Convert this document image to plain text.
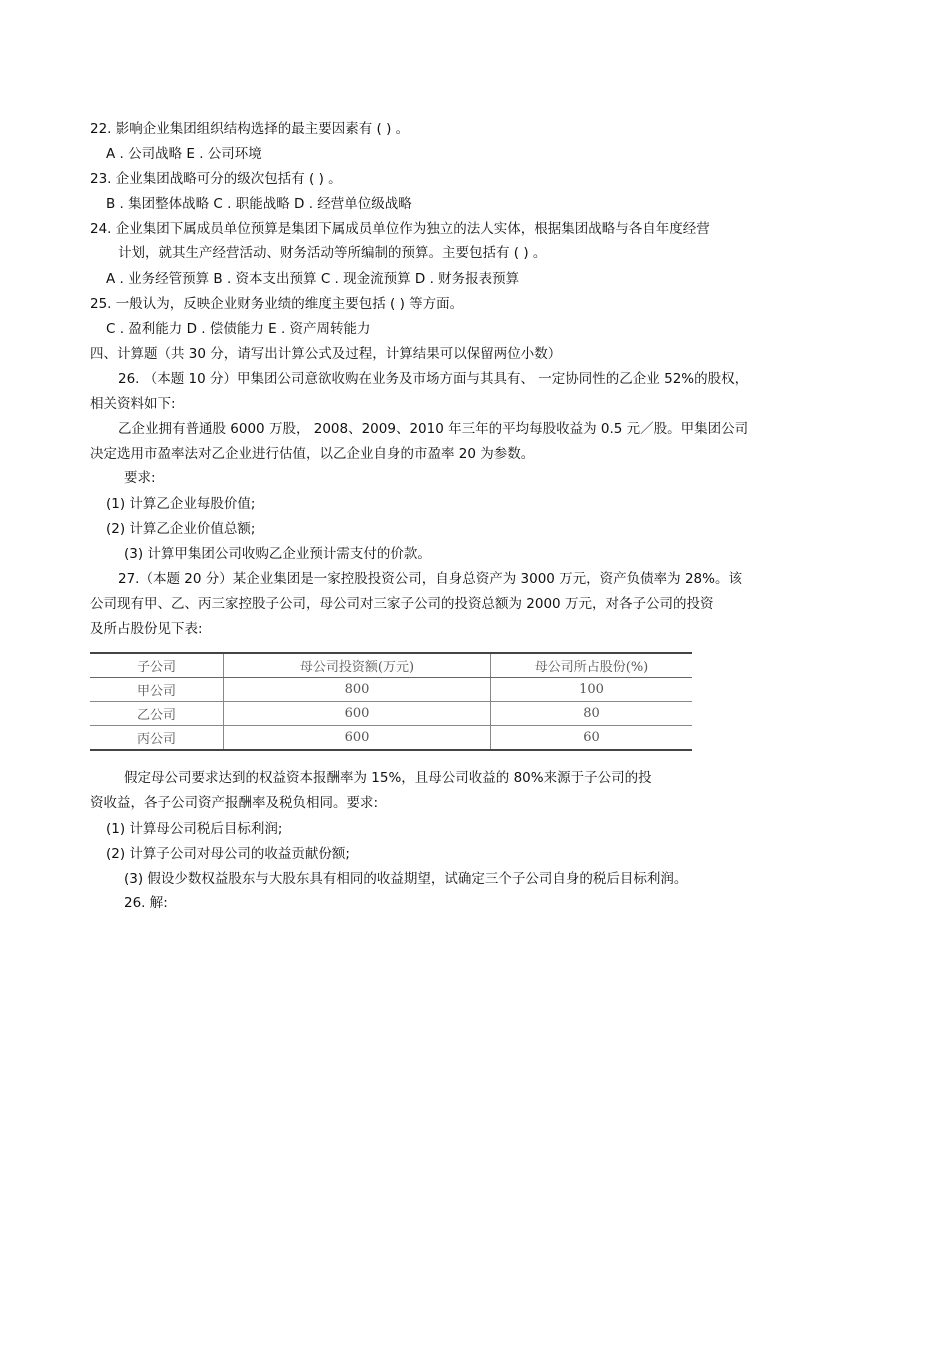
22. 影响企业集团组织结构选择的最主要因素有 ( ) 。

A . 公司战略 E . 公司环境

23. 企业集团战略可分的级次包括有 ( ) 。

B . 集团整体战略 C . 职能战略 D . 经营单位级战略

24. 企业集团下属成员单位预算是集团下属成员单位作为独立的法人实体，根据集团战略与各自年度经营

计划，就其生产经营活动、财务活动等所编制的预算。主要包括有 ( ) 。

A . 业务经管预算 B . 资本支出预算 C . 现金流预算 D . 财务报表预算

25. 一般认为，反映企业财务业绩的维度主要包括 ( ) 等方面。

C . 盈利能力 D . 偿债能力 E . 资产周转能力

四、计算题（共 30 分，请写出计算公式及过程，计算结果可以保留两位小数）

26. （本题 10 分）甲集团公司意欲收购在业务及市场方面与其具有、 一定协同性的乙企业 52%的股权，

相关资料如下:

乙企业拥有普通股 6000 万股， 2008、2009、2010 年三年的平均每股收益为 0.5 元／股。甲集团公司

决定选用市盈率法对乙企业进行估值，以乙企业自身的市盈率 20 为参数。

要求:

(1) 计算乙企业每股价值;

(2) 计算乙企业价值总额;

(3) 计算甲集团公司收购乙企业预计需支付的价款。

27.（本题 20 分）某企业集团是一家控股投资公司，自身总资产为 3000 万元，资产负债率为 28%。该

公司现有甲、乙、丙三家控股子公司，母公司对三家子公司的投资总额为 2000 万元，对各子公司的投资

及所占股份见下表:

子公司	母公司投资额(万元)	母公司所占股份(%)
甲公司	800	100
乙公司	600	80
丙公司	600	60

假定母公司要求达到的权益资本报酬率为 15%，且母公司收益的 80%来源于子公司的投

资收益，各子公司资产报酬率及税负相同。要求:

(1) 计算母公司税后目标利润;

(2) 计算子公司对母公司的收益贡献份额;

(3) 假设少数权益股东与大股东具有相同的收益期望，试确定三个子公司自身的税后目标利润。

26. 解:
